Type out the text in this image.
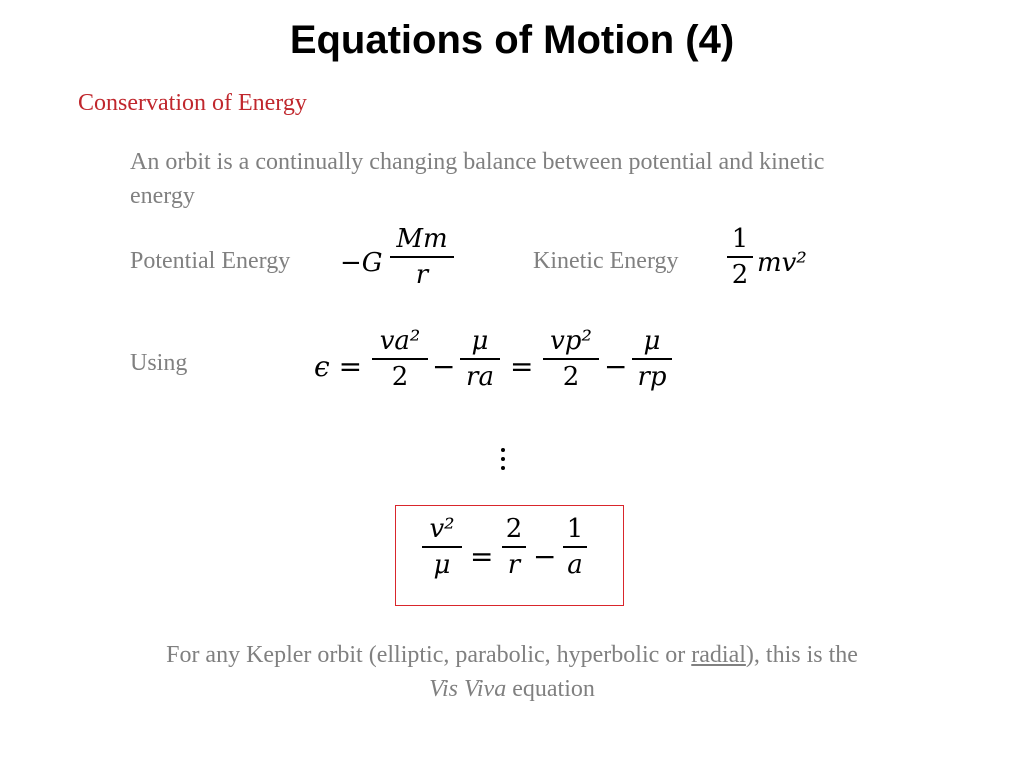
Equations of Motion (4)
Conservation of Energy
An orbit is a continually changing balance between potential and kinetic energy
Potential Energy −G
Mm
r	Kinetic Energy
1
2 mv²
Using	ϵ =
va²
2 −
μ
ra =
vp²
2 −
μ
rp
v²
μ =
2
r −
1
a
For any Kepler orbit (elliptic, parabolic, hyperbolic or radial), this is the
Vis Viva equation
